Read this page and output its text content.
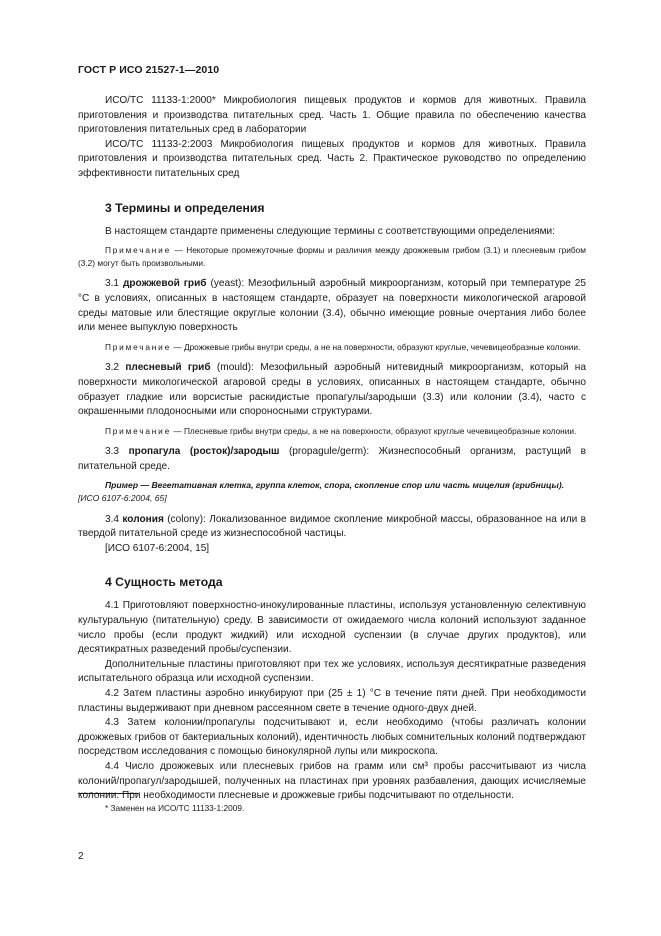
ГОСТ Р ИСО 21527-1—2010

ИСО/ТС 11133-1:2000* Микробиология пищевых продуктов и кормов для животных. Правила приготовления и производства питательных сред. Часть 1. Общие правила по обеспечению качества приготовления питательных сред в лаборатории

ИСО/ТС 11133-2:2003 Микробиология пищевых продуктов и кормов для животных. Правила приготовления и производства питательных сред. Часть 2. Практическое руководство по определению эффективности питательных сред

3 Термины и определения

В настоящем стандарте применены следующие термины с соответствующими определениями:

Примечание — Некоторые промежуточные формы и различия между дрожжевым грибом (3.1) и плесневым грибом (3.2) могут быть произвольными.

3.1 дрожжевой гриб (yeast): Мезофильный аэробный микроорганизм, который при температуре 25 °С в условиях, описанных в настоящем стандарте, образует на поверхности микологической агаровой среды матовые или блестящие округлые колонии (3.4), обычно имеющие ровные очертания либо более или менее выпуклую поверхность

Примечание — Дрожжевые грибы внутри среды, а не на поверхности, образуют круглые, чечевицеобразные колонии.

3.2 плесневый гриб (mould): Мезофильный аэробный нитевидный микроорганизм, который на поверхности микологической агаровой среды в условиях, описанных в настоящем стандарте, обычно образует гладкие или ворсистые раскидистые пропагулы/зародыши (3.3) или колонии (3.4), часто с окрашенными плодоносными или спороносными структурами.

Примечание — Плесневые грибы внутри среды, а не на поверхности, образуют круглые чечевицеобразные колонии.

3.3 пропагула (росток)/зародыш (propagule/germ): Жизнеспособный организм, растущий в питательной среде.

Пример — Вегетативная клетка, группа клеток, спора, скопление спор или часть мицелия (грибницы).

[ИСО 6107-6:2004, 65]

3.4 колония (colony): Локализованное видимое скопление микробной массы, образованное на или в твердой питательной среде из жизнеспособной частицы.

[ИСО 6107-6:2004, 15]

4 Сущность метода

4.1 Приготовляют поверхностно-инокулированные пластины, используя установленную селективную культуральную (питательную) среду. В зависимости от ожидаемого числа колоний используют заданное число пробы (если продукт жидкий) или исходной суспензии (в случае других продуктов), или десятикратных разведений пробы/суспензии.

Дополнительные пластины приготовляют при тех же условиях, используя десятикратные разведения испытательного образца или исходной суспензии.

4.2 Затем пластины аэробно инкубируют при (25 ± 1) °С в течение пяти дней. При необходимости пластины выдерживают при дневном рассеянном свете в течение одного-двух дней.

4.3 Затем колонии/пропагулы подсчитывают и, если необходимо (чтобы различать колонии дрожжевых грибов от бактериальных колоний), идентичность любых сомнительных колоний подтверждают посредством исследования с помощью бинокулярной лупы или микроскопа.

4.4 Число дрожжевых или плесневых грибов на грамм или см³ пробы рассчитывают из числа колоний/пропагул/зародышей, полученных на пластинах при уровнях разбавления, дающих исчисляемые колонии. При необходимости плесневые и дрожжевые грибы подсчитывают по отдельности.

* Заменен на ИСО/ТС 11133-1:2009.
2
